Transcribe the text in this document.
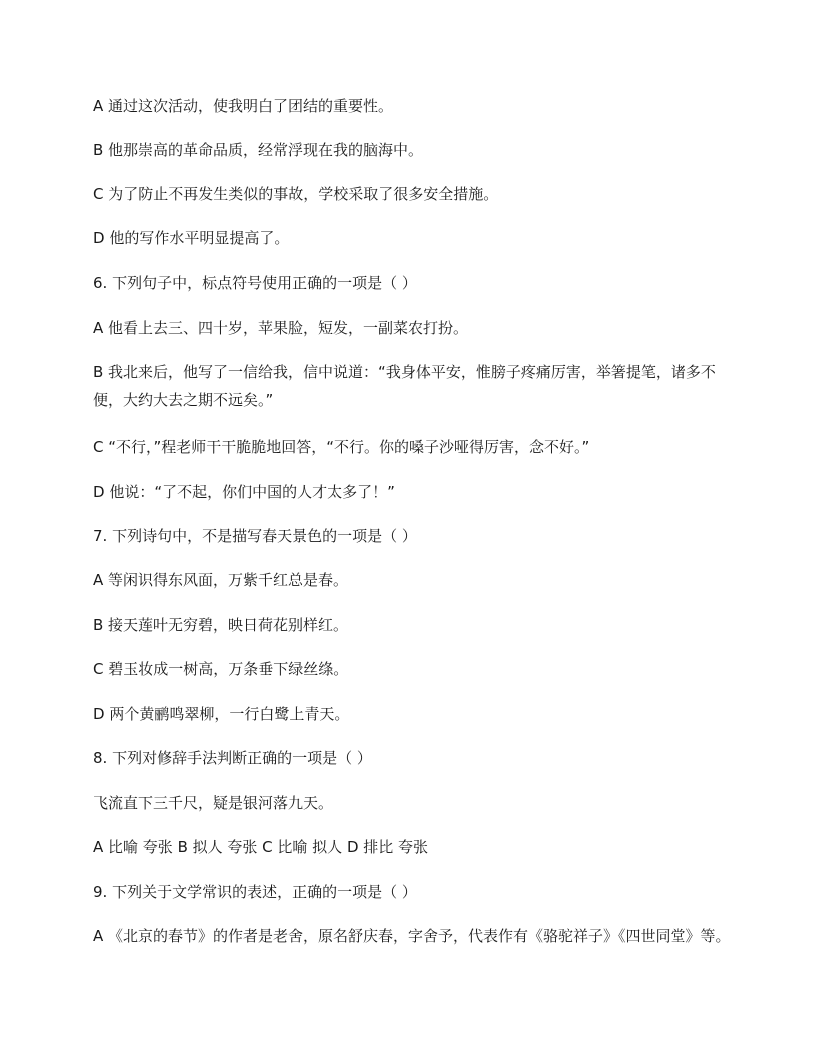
A 通过这次活动，使我明白了团结的重要性。
B 他那崇高的革命品质，经常浮现在我的脑海中。
C 为了防止不再发生类似的事故，学校采取了很多安全措施。
D 他的写作水平明显提高了。
6. 下列句子中，标点符号使用正确的一项是（ ）
A 他看上去三、四十岁，苹果脸，短发，一副菜农打扮。
B 我北来后，他写了一信给我，信中说道：“我身体平安，惟膀子疼痛厉害，举箸提笔，诸多不便，大约大去之期不远矣。”
C “不行，”程老师干干脆脆地回答，“不行。你的嗓子沙哑得厉害，念不好。”
D 他说：“了不起，你们中国的人才太多了！”
7. 下列诗句中，不是描写春天景色的一项是（ ）
A 等闲识得东风面，万紫千红总是春。
B 接天莲叶无穷碧，映日荷花别样红。
C 碧玉妆成一树高，万条垂下绿丝绦。
D 两个黄鹂鸣翠柳，一行白鹭上青天。
8. 下列对修辞手法判断正确的一项是（ ）
飞流直下三千尺，疑是银河落九天。
A 比喻 夸张 B 拟人 夸张 C 比喻 拟人 D 排比 夸张
9. 下列关于文学常识的表述，正确的一项是（ ）
A 《北京的春节》的作者是老舍，原名舒庆春，字舍予，代表作有《骆驼祥子》《四世同堂》等。
